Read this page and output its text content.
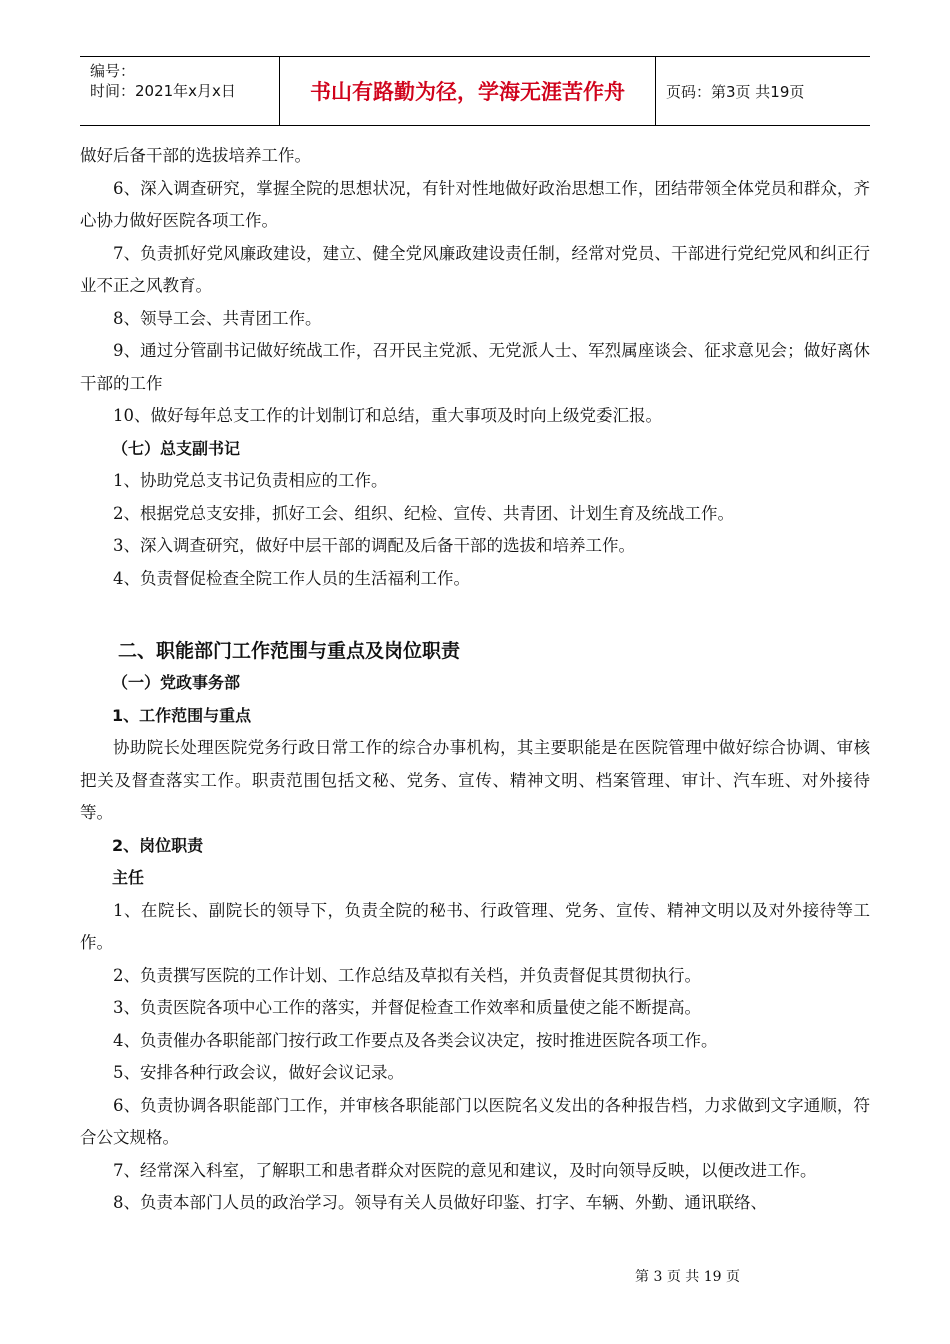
编号：
时间：2021年x月x日	书山有路勤为径，学海无涯苦作舟	页码：第3页 共19页

做好后备干部的选拔培养工作。

6、深入调查研究，掌握全院的思想状况，有针对性地做好政治思想工作，团结带领全体党员和群众，齐心协力做好医院各项工作。

7、负责抓好党风廉政建设，建立、健全党风廉政建设责任制，经常对党员、干部进行党纪党风和纠正行业不正之风教育。

8、领导工会、共青团工作。

9、通过分管副书记做好统战工作，召开民主党派、无党派人士、军烈属座谈会、征求意见会；做好离休干部的工作

10、做好每年总支工作的计划制订和总结，重大事项及时向上级党委汇报。

（七）总支副书记

1、协助党总支书记负责相应的工作。

2、根据党总支安排，抓好工会、组织、纪检、宣传、共青团、计划生育及统战工作。

3、深入调查研究，做好中层干部的调配及后备干部的选拔和培养工作。

4、负责督促检查全院工作人员的生活福利工作。

二、职能部门工作范围与重点及岗位职责

（一）党政事务部

1、工作范围与重点

协助院长处理医院党务行政日常工作的综合办事机构，其主要职能是在医院管理中做好综合协调、审核把关及督查落实工作。职责范围包括文秘、党务、宣传、精神文明、档案管理、审计、汽车班、对外接待等。

2、岗位职责

主任

1、在院长、副院长的领导下，负责全院的秘书、行政管理、党务、宣传、精神文明以及对外接待等工作。

2、负责撰写医院的工作计划、工作总结及草拟有关档，并负责督促其贯彻执行。

3、负责医院各项中心工作的落实，并督促检查工作效率和质量使之能不断提高。

4、负责催办各职能部门按行政工作要点及各类会议决定，按时推进医院各项工作。

5、安排各种行政会议，做好会议记录。

6、负责协调各职能部门工作，并审核各职能部门以医院名义发出的各种报告档，力求做到文字通顺，符合公文规格。

7、经常深入科室，了解职工和患者群众对医院的意见和建议，及时向领导反映，以便改进工作。

8、负责本部门人员的政治学习。领导有关人员做好印鉴、打字、车辆、外勤、通讯联络、

第 3 页 共 19 页
